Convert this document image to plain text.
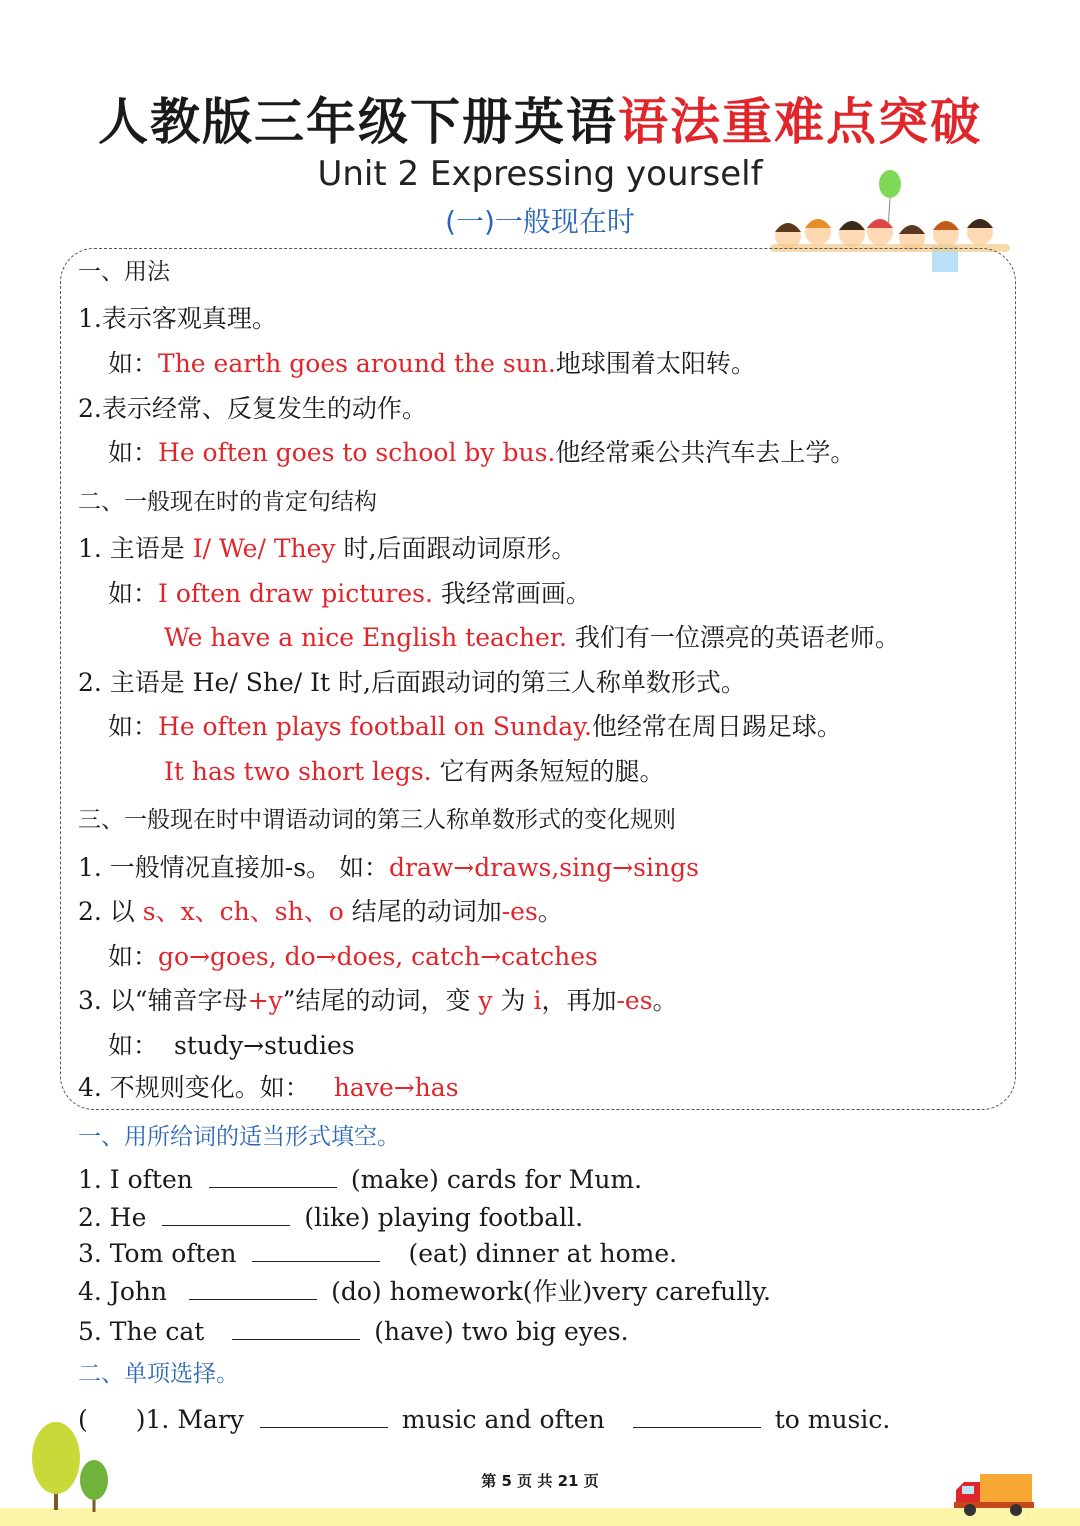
人教版三年级下册英语语法重难点突破
Unit 2 Expressing yourself
(一)一般现在时
一、用法
1.表示客观真理。
如：The earth goes around the sun.地球围着太阳转。
2.表示经常、反复发生的动作。
如：He often goes to school by bus.他经常乘公共汽车去上学。
二、一般现在时的肯定句结构
1. 主语是 I/ We/ They 时,后面跟动词原形。
如：I often draw pictures. 我经常画画。
We have a nice English teacher. 我们有一位漂亮的英语老师。
2. 主语是 He/ She/ It 时,后面跟动词的第三人称单数形式。
如：He often plays football on Sunday.他经常在周日踢足球。
It has two short legs. 它有两条短短的腿。
三、一般现在时中谓语动词的第三人称单数形式的变化规则
1. 一般情况直接加-s。 如：draw→draws,sing→sings
2. 以 s、x、ch、sh、o 结尾的动词加-es。
如：go→goes, do→does, catch→catches
3. 以“辅音字母+y”结尾的动词，变 y 为 i，再加-es。
如： study→studies
4. 不规则变化。如： have→has
一、用所给词的适当形式填空。
1. I often	(make) cards for Mum.
2. He	(like) playing football.
3. Tom often	(eat) dinner at home.
4. John	(do) homework(作业)very carefully.
5. The cat	(have) two big eyes.
二、单项选择。
( )1. Mary	music and often	to music.
第 5 页 共 21 页
